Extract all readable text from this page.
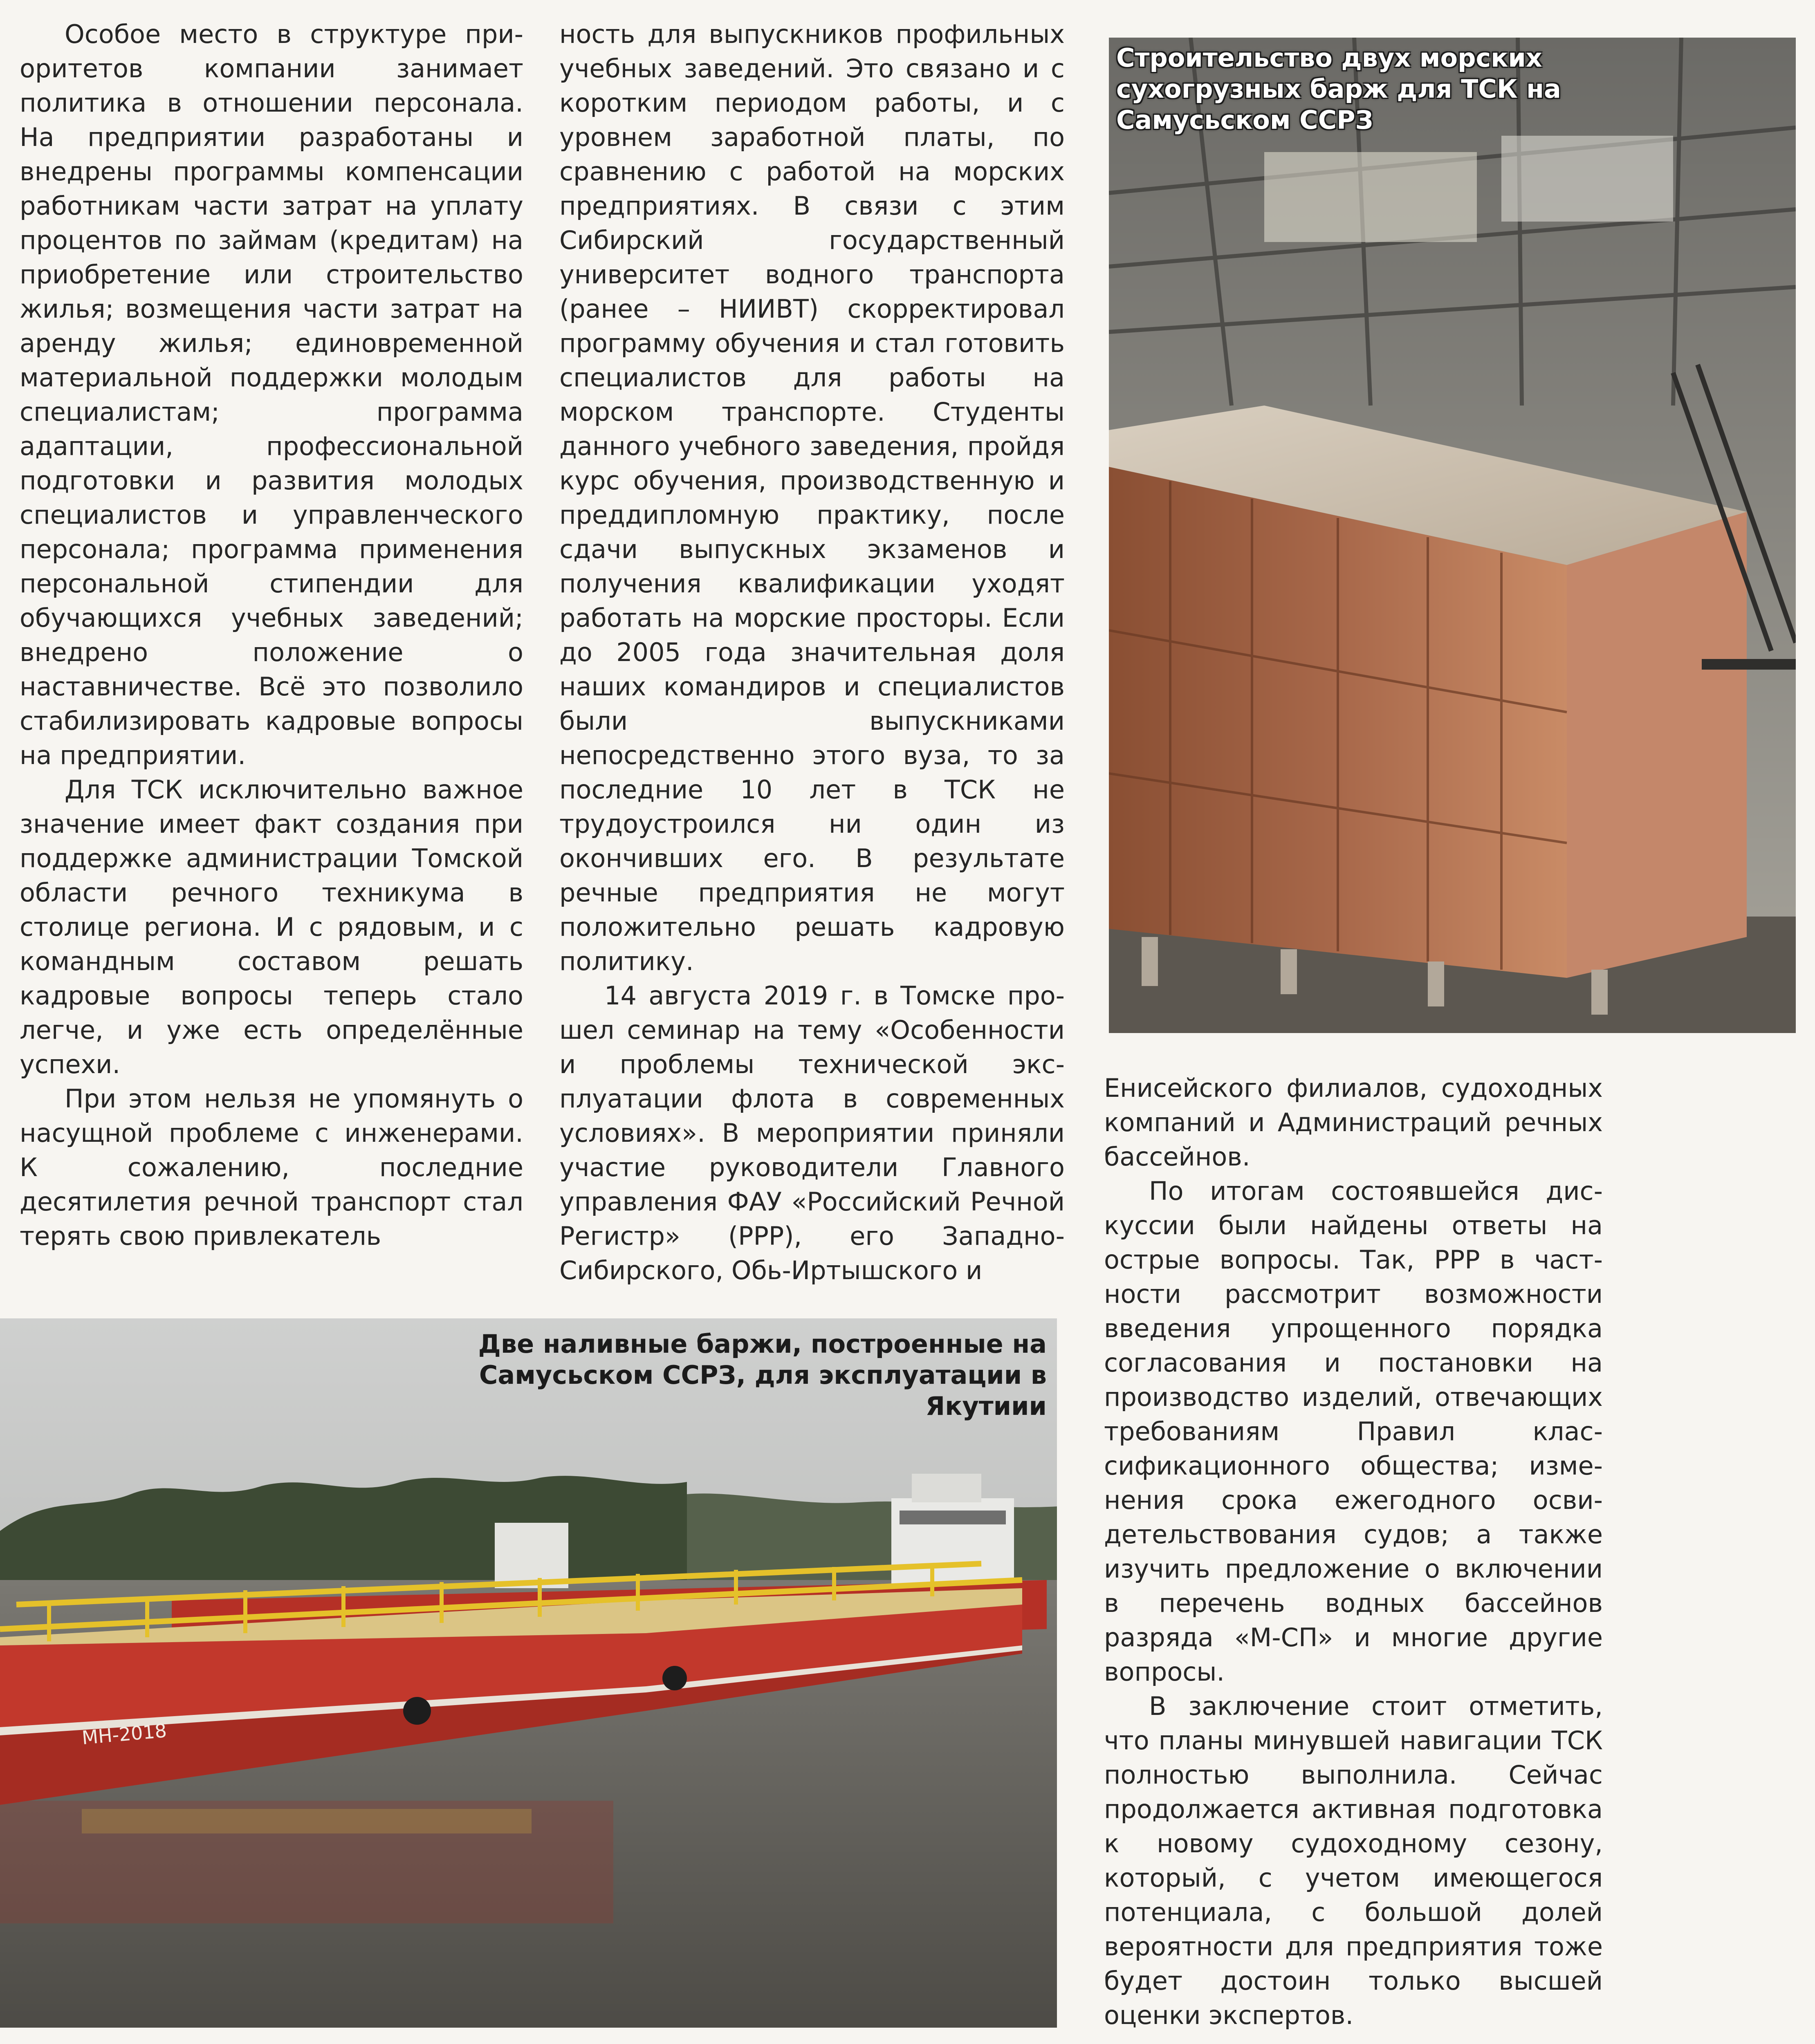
Особое место в структуре приоритетов компании занимает политика в отношении персонала. На предприятии разработаны и внедрены программы компенсации работникам части затрат на уплату процентов по займам (кредитам) на приобретение или строительство жилья; возмещения части затрат на аренду жилья; единовременной материальной поддержки молодым специалистам; программа адаптации, профессиональной подготовки и развития молодых специалистов и управленческого персонала; программа применения персональной стипендии для обучающихся учебных заведений; внедрено положение о наставничестве. Всё это позволило стабилизировать кадровые вопросы на предприятии.

Для ТСК исключительно важное значение имеет факт создания при поддержке администрации Томской области речного техникума в столице региона. И с рядовым, и с командным составом решать кадровые вопросы теперь стало легче, и уже есть определённые успехи.

При этом нельзя не упомянуть о насущной проблеме с инженерами. К сожалению, последние десятилетия речной транспорт стал терять свою привлекатель

ность для выпускников профильных учебных заведений. Это связано и с коротким периодом работы, и с уровнем заработной платы, по сравнению с работой на морских предприятиях. В связи с этим Сибирский государственный университет водного транспорта (ранее – НИИВТ) скорректировал программу обучения и стал готовить специалистов для работы на морском транспорте. Студенты данного учебного заведения, пройдя курс обучения, производственную и преддипломную практику, после сдачи выпускных экзаменов и получения квалификации уходят работать на морские просторы. Если до 2005 года значительная доля наших командиров и специалистов были выпускниками непосредственно этого вуза, то за последние 10 лет в ТСК не трудоустроился ни один из окончивших его. В результате речные предприятия не могут положительно решать кадровую политику.

14 августа 2019 г. в Томске прошел семинар на тему «Особенности и проблемы технической эксплуатации флота в современных условиях». В мероприятии приняли участие руководители Главного управления ФАУ «Российский Речной Регистр» (РРР), его Западно-Сибирского, Обь-Иртышского и

Строительство двух морских сухогрузных барж для ТСК на Самусьском ССРЗ
МН-2018
Две наливные баржи, построенные на Самусьском ССРЗ, для эксплуатации в Якутиии

Енисейского филиалов, судоходных компаний и Администраций речных бассейнов.

По итогам состоявшейся дискуссии были найдены ответы на острые вопросы. Так, РРР в частности рассмотрит возможности введения упрощенного порядка согласования и постановки на производство изделий, отвечающих требованиям Правил классификационного общества; изменения срока ежегодного освидетельствования судов; а также изучить предложение о включении в перечень водных бассейнов разряда «М-СП» и многие другие вопросы.

В заключение стоит отметить, что планы минувшей навигации ТСК полностью выполнила. Сейчас продолжается активная подготовка к новому судоходному сезону, который, с учетом имеющегося потенциала, с большой долей вероятности для предприятия тоже будет достоин только высшей оценки экспертов.
